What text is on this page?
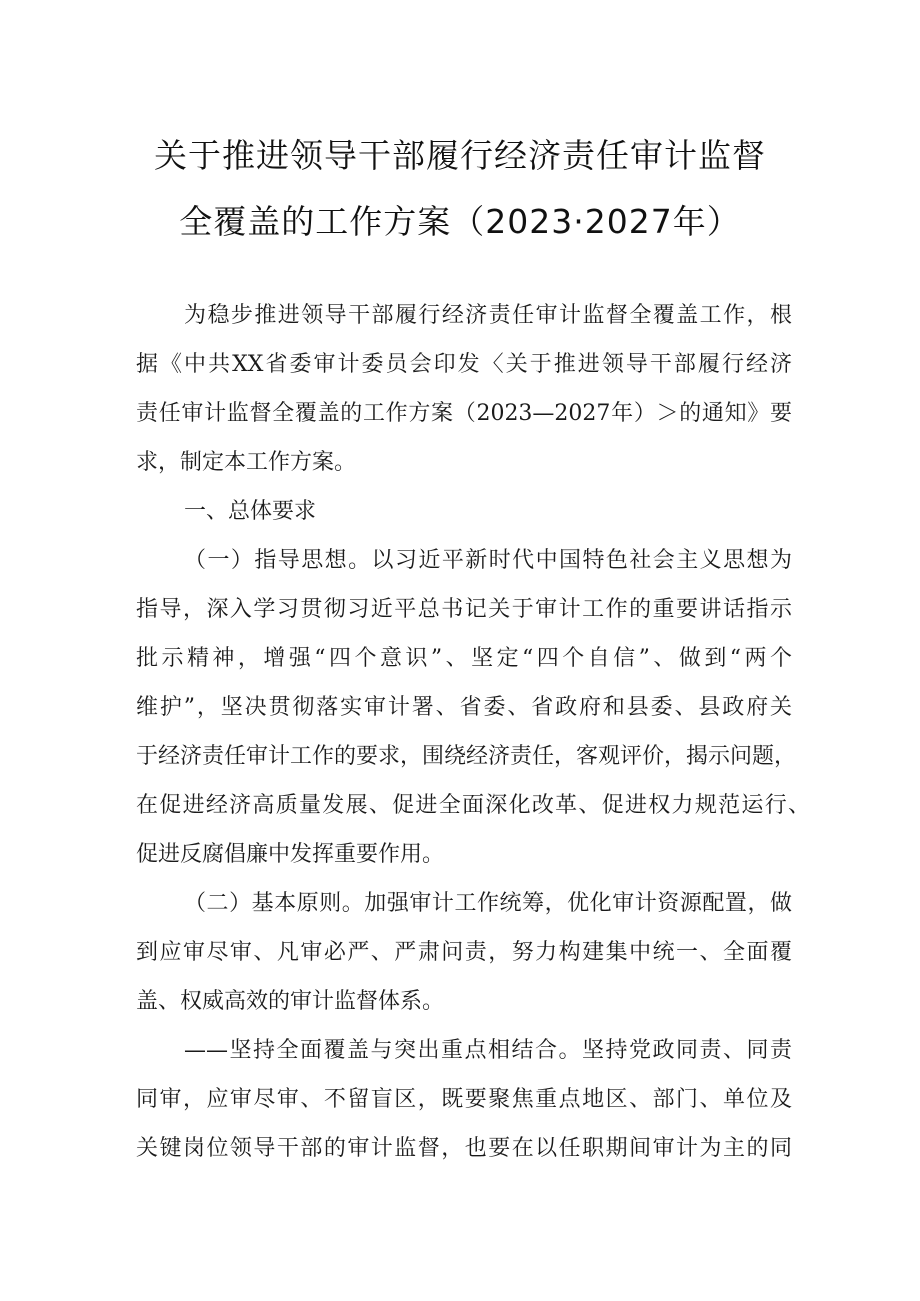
关于推进领导干部履行经济责任审计监督
全覆盖的工作方案（2023·2027年）
为稳步推进领导干部履行经济责任审计监督全覆盖工作，根
据《中共XX省委审计委员会印发〈关于推进领导干部履行经济
责任审计监督全覆盖的工作方案（2023—2027年）＞的通知》要
求，制定本工作方案。
一、总体要求
（一）指导思想。以习近平新时代中国特色社会主义思想为
指导，深入学习贯彻习近平总书记关于审计工作的重要讲话指示
批示精神，增强“四个意识”、坚定“四个自信”、做到“两个
维护”，坚决贯彻落实审计署、省委、省政府和县委、县政府关
于经济责任审计工作的要求，围绕经济责任，客观评价，揭示问题，
在促进经济高质量发展、促进全面深化改革、促进权力规范运行、
促进反腐倡廉中发挥重要作用。
（二）基本原则。加强审计工作统筹，优化审计资源配置，做
到应审尽审、凡审必严、严肃问责，努力构建集中统一、全面覆
盖、权威高效的审计监督体系。
——坚持全面覆盖与突出重点相结合。坚持党政同责、同责
同审，应审尽审、不留盲区，既要聚焦重点地区、部门、单位及
关键岗位领导干部的审计监督，也要在以任职期间审计为主的同
